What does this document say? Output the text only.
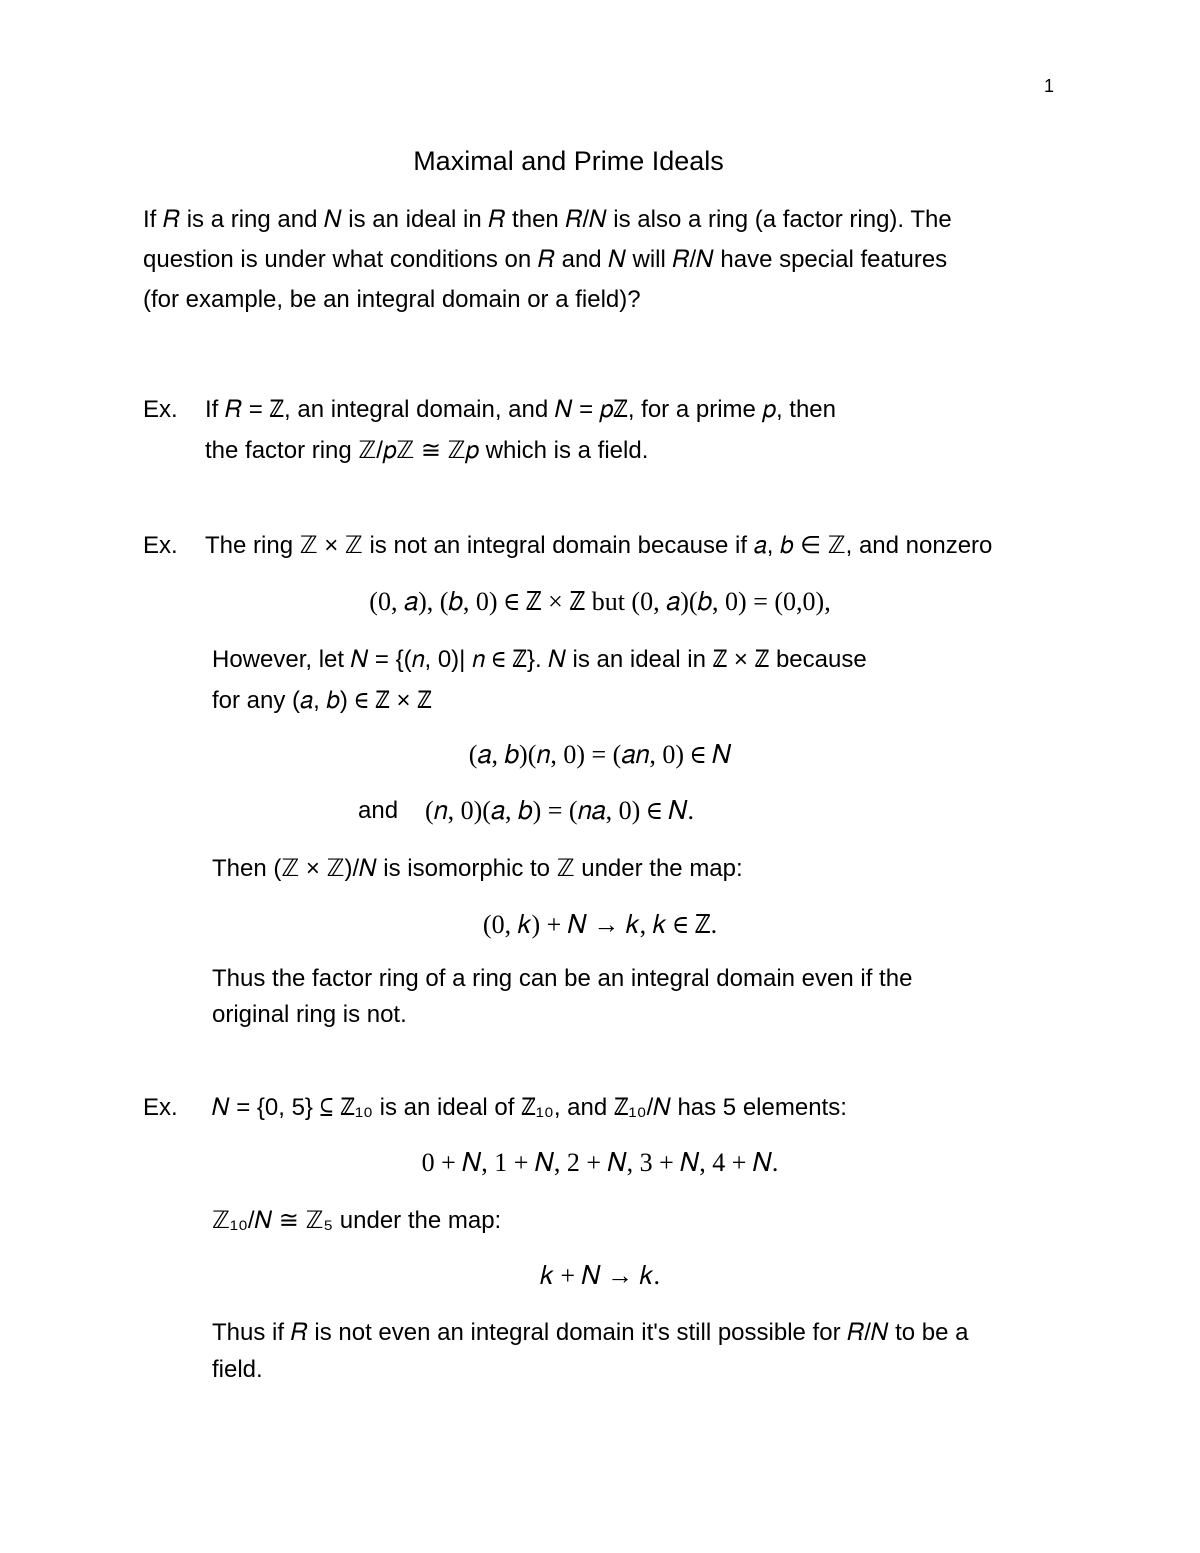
1
Maximal and Prime Ideals
If 𝑅 is a ring and 𝑁 is an ideal in 𝑅 then 𝑅/𝑁 is also a ring (a factor ring). The
question is under what conditions on 𝑅 and 𝑁 will 𝑅/𝑁 have special features
(for example, be an integral domain or a field)?
Ex. If 𝑅 = ℤ, an integral domain, and 𝑁 = 𝑝ℤ, for a prime 𝑝, then
the factor ring ℤ/𝑝ℤ ≅ ℤ𝑝 which is a field.
Ex. The ring ℤ × ℤ is not an integral domain because if 𝑎, 𝑏 ∈ ℤ, and nonzero
(0, 𝑎), (𝑏, 0) ∈ ℤ × ℤ but (0, 𝑎)(𝑏, 0) = (0,0),
However, let 𝑁 = {(𝑛, 0)| 𝑛 ∈ ℤ}. 𝑁 is an ideal in ℤ × ℤ because
for any (𝑎, 𝑏) ∈ ℤ × ℤ
(𝑎, 𝑏)(𝑛, 0) = (𝑎𝑛, 0) ∈ 𝑁
and (𝑛, 0)(𝑎, 𝑏) = (𝑛𝑎, 0) ∈ 𝑁.
Then (ℤ × ℤ)/𝑁 is isomorphic to ℤ under the map:
(0, 𝑘) + 𝑁 → 𝑘, 𝑘 ∈ ℤ.
Thus the factor ring of a ring can be an integral domain even if the
original ring is not.
Ex. 𝑁 = {0, 5} ⊆ ℤ₁₀ is an ideal of ℤ₁₀, and ℤ₁₀/𝑁 has 5 elements:
0 + 𝑁, 1 + 𝑁, 2 + 𝑁, 3 + 𝑁, 4 + 𝑁.
ℤ₁₀/𝑁 ≅ ℤ₅ under the map:
𝑘 + 𝑁 → 𝑘.
Thus if 𝑅 is not even an integral domain it's still possible for 𝑅/𝑁 to be a
field.
